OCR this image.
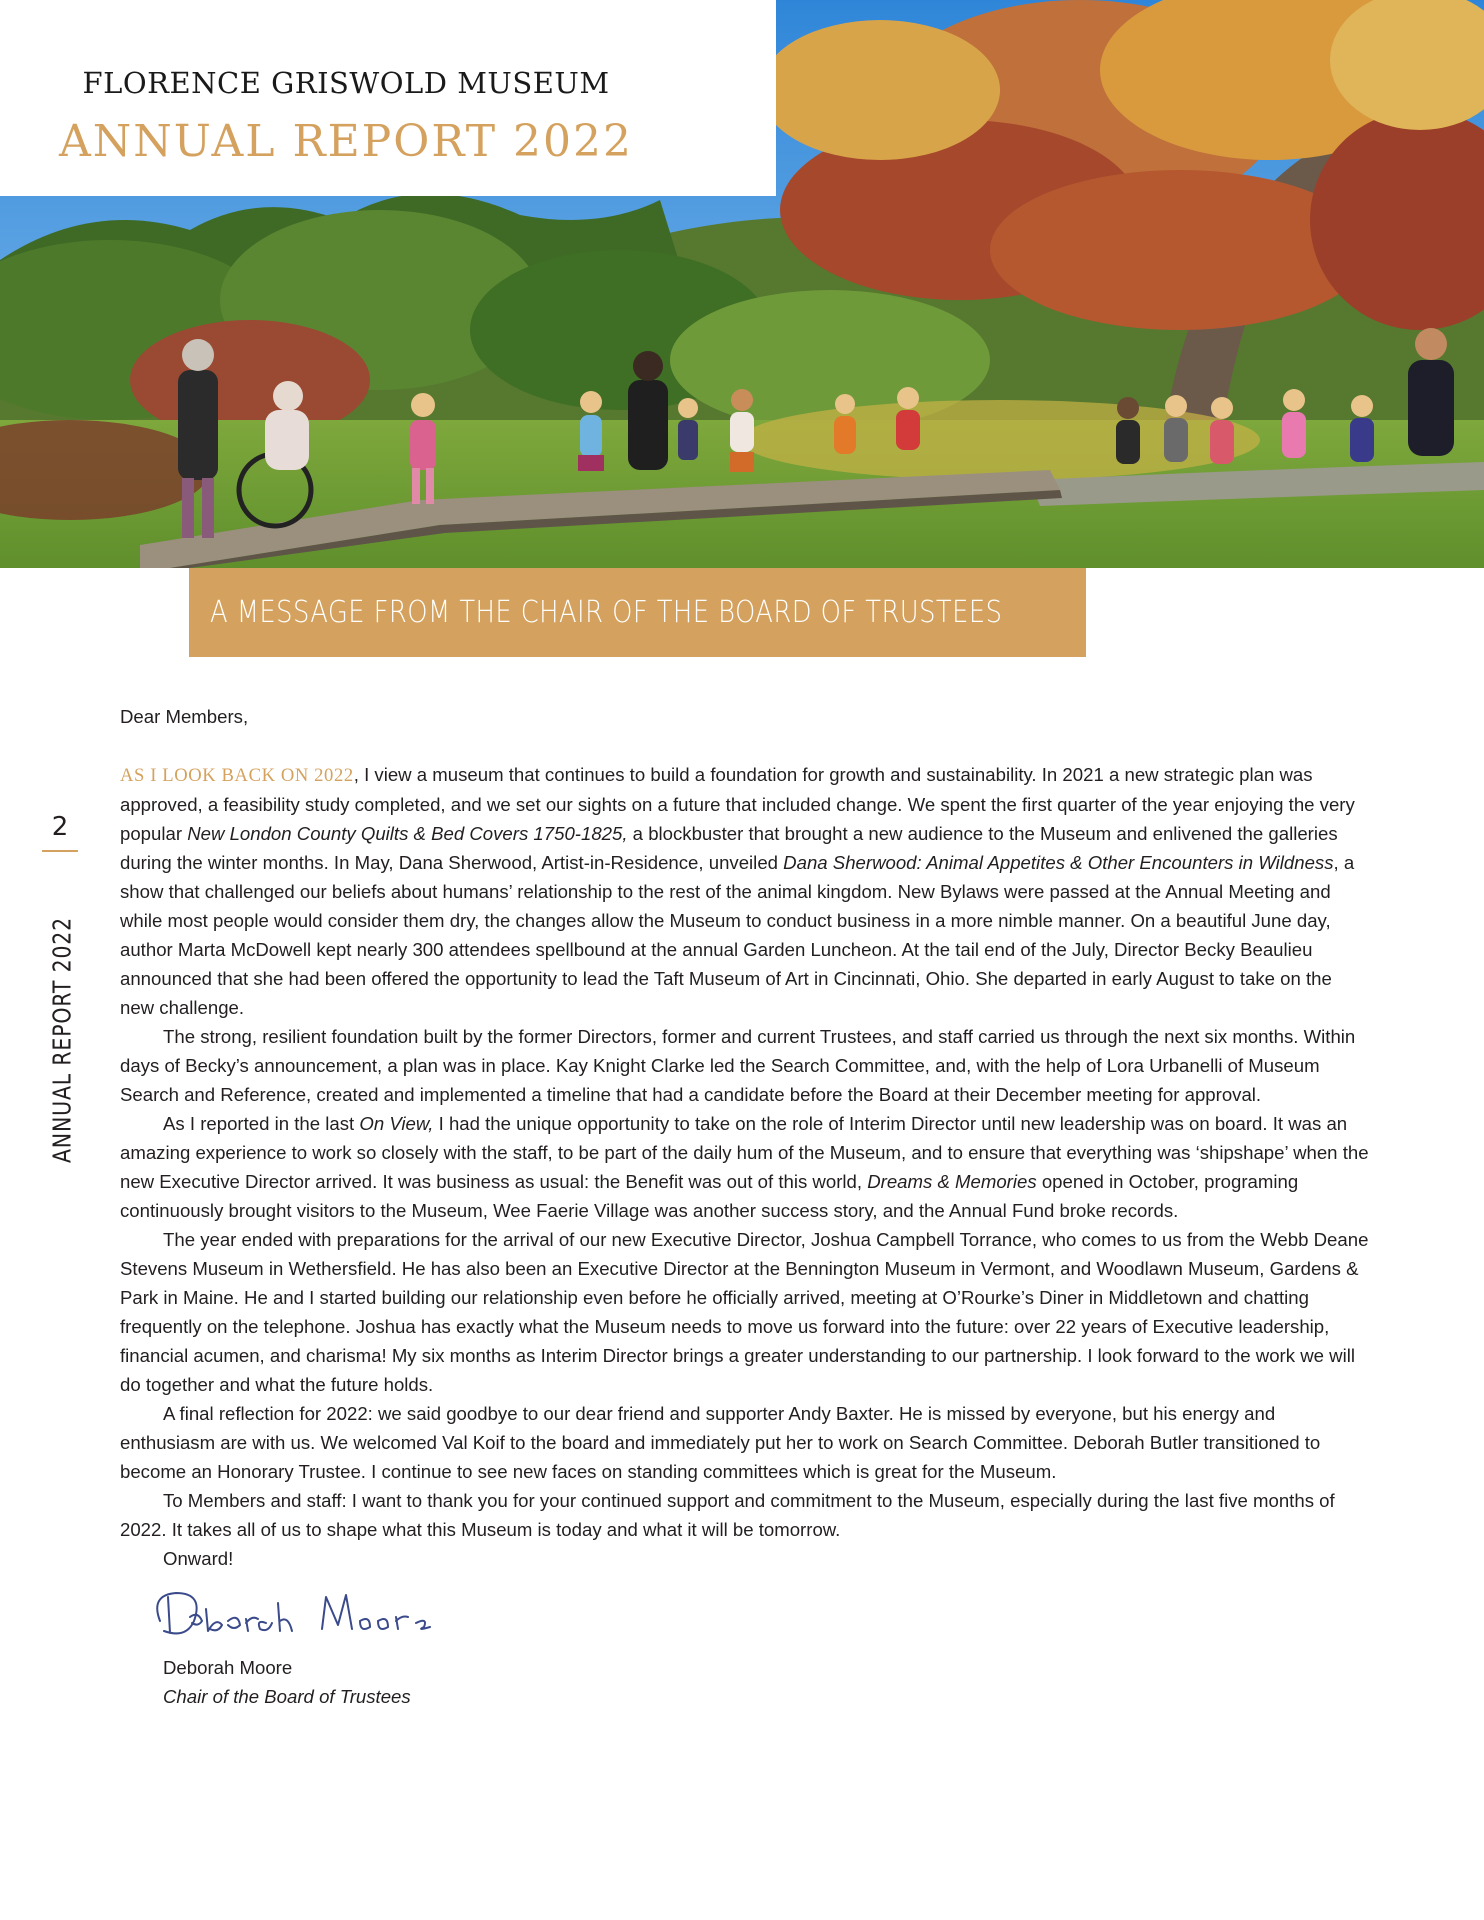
FLORENCE GRISWOLD MUSEUM
ANNUAL REPORT 2022
A MESSAGE FROM THE CHAIR OF THE BOARD OF TRUSTEES
2
ANNUAL REPORT 2022

Dear Members,

AS I LOOK BACK ON 2022, I view a museum that continues to build a foundation for growth and sustainability. In 2021 a new strategic plan was approved, a feasibility study completed, and we set our sights on a future that included change. We spent the first quarter of the year enjoying the very popular New London County Quilts & Bed Covers 1750-1825, a blockbuster that brought a new audience to the Museum and enlivened the galleries during the winter months. In May, Dana Sherwood, Artist-in-Residence, unveiled Dana Sherwood: Animal Appetites & Other Encounters in Wildness, a show that challenged our beliefs about humans’ relationship to the rest of the animal kingdom. New Bylaws were passed at the Annual Meeting and while most people would consider them dry, the changes allow the Museum to conduct business in a more nimble manner. On a beautiful June day, author Marta McDowell kept nearly 300 attendees spellbound at the annual Garden Luncheon. At the tail end of the July, Director Becky Beaulieu announced that she had been offered the opportunity to lead the Taft Museum of Art in Cincinnati, Ohio. She departed in early August to take on the new challenge.

The strong, resilient foundation built by the former Directors, former and current Trustees, and staff carried us through the next six months. Within days of Becky’s announcement, a plan was in place. Kay Knight Clarke led the Search Committee, and, with the help of Lora Urbanelli of Museum Search and Reference, created and implemented a timeline that had a candidate before the Board at their December meeting for approval.

As I reported in the last On View, I had the unique opportunity to take on the role of Interim Director until new leadership was on board. It was an amazing experience to work so closely with the staff, to be part of the daily hum of the Museum, and to ensure that everything was ‘shipshape’ when the new Executive Director arrived. It was business as usual: the Benefit was out of this world, Dreams & Memories opened in October, programing continuously brought visitors to the Museum, Wee Faerie Village was another success story, and the Annual Fund broke records.

The year ended with preparations for the arrival of our new Executive Director, Joshua Campbell Torrance, who comes to us from the Webb Deane Stevens Museum in Wethersfield. He has also been an Executive Director at the Bennington Museum in Vermont, and Woodlawn Museum, Gardens & Park in Maine. He and I started building our relationship even before he officially arrived, meeting at O’Rourke’s Diner in Middletown and chatting frequently on the telephone. Joshua has exactly what the Museum needs to move us forward into the future: over 22 years of Executive leadership, financial acumen, and charisma! My six months as Interim Director brings a greater understanding to our partnership. I look forward to the work we will do together and what the future holds.

A final reflection for 2022: we said goodbye to our dear friend and supporter Andy Baxter. He is missed by everyone, but his energy and enthusiasm are with us. We welcomed Val Koif to the board and immediately put her to work on Search Committee. Deborah Butler transitioned to become an Honorary Trustee. I continue to see new faces on standing committees which is great for the Museum.

To Members and staff: I want to thank you for your continued support and commitment to the Museum, especially during the last five months of 2022. It takes all of us to shape what this Museum is today and what it will be tomorrow.

Onward!

Deborah Moore

Chair of the Board of Trustees
